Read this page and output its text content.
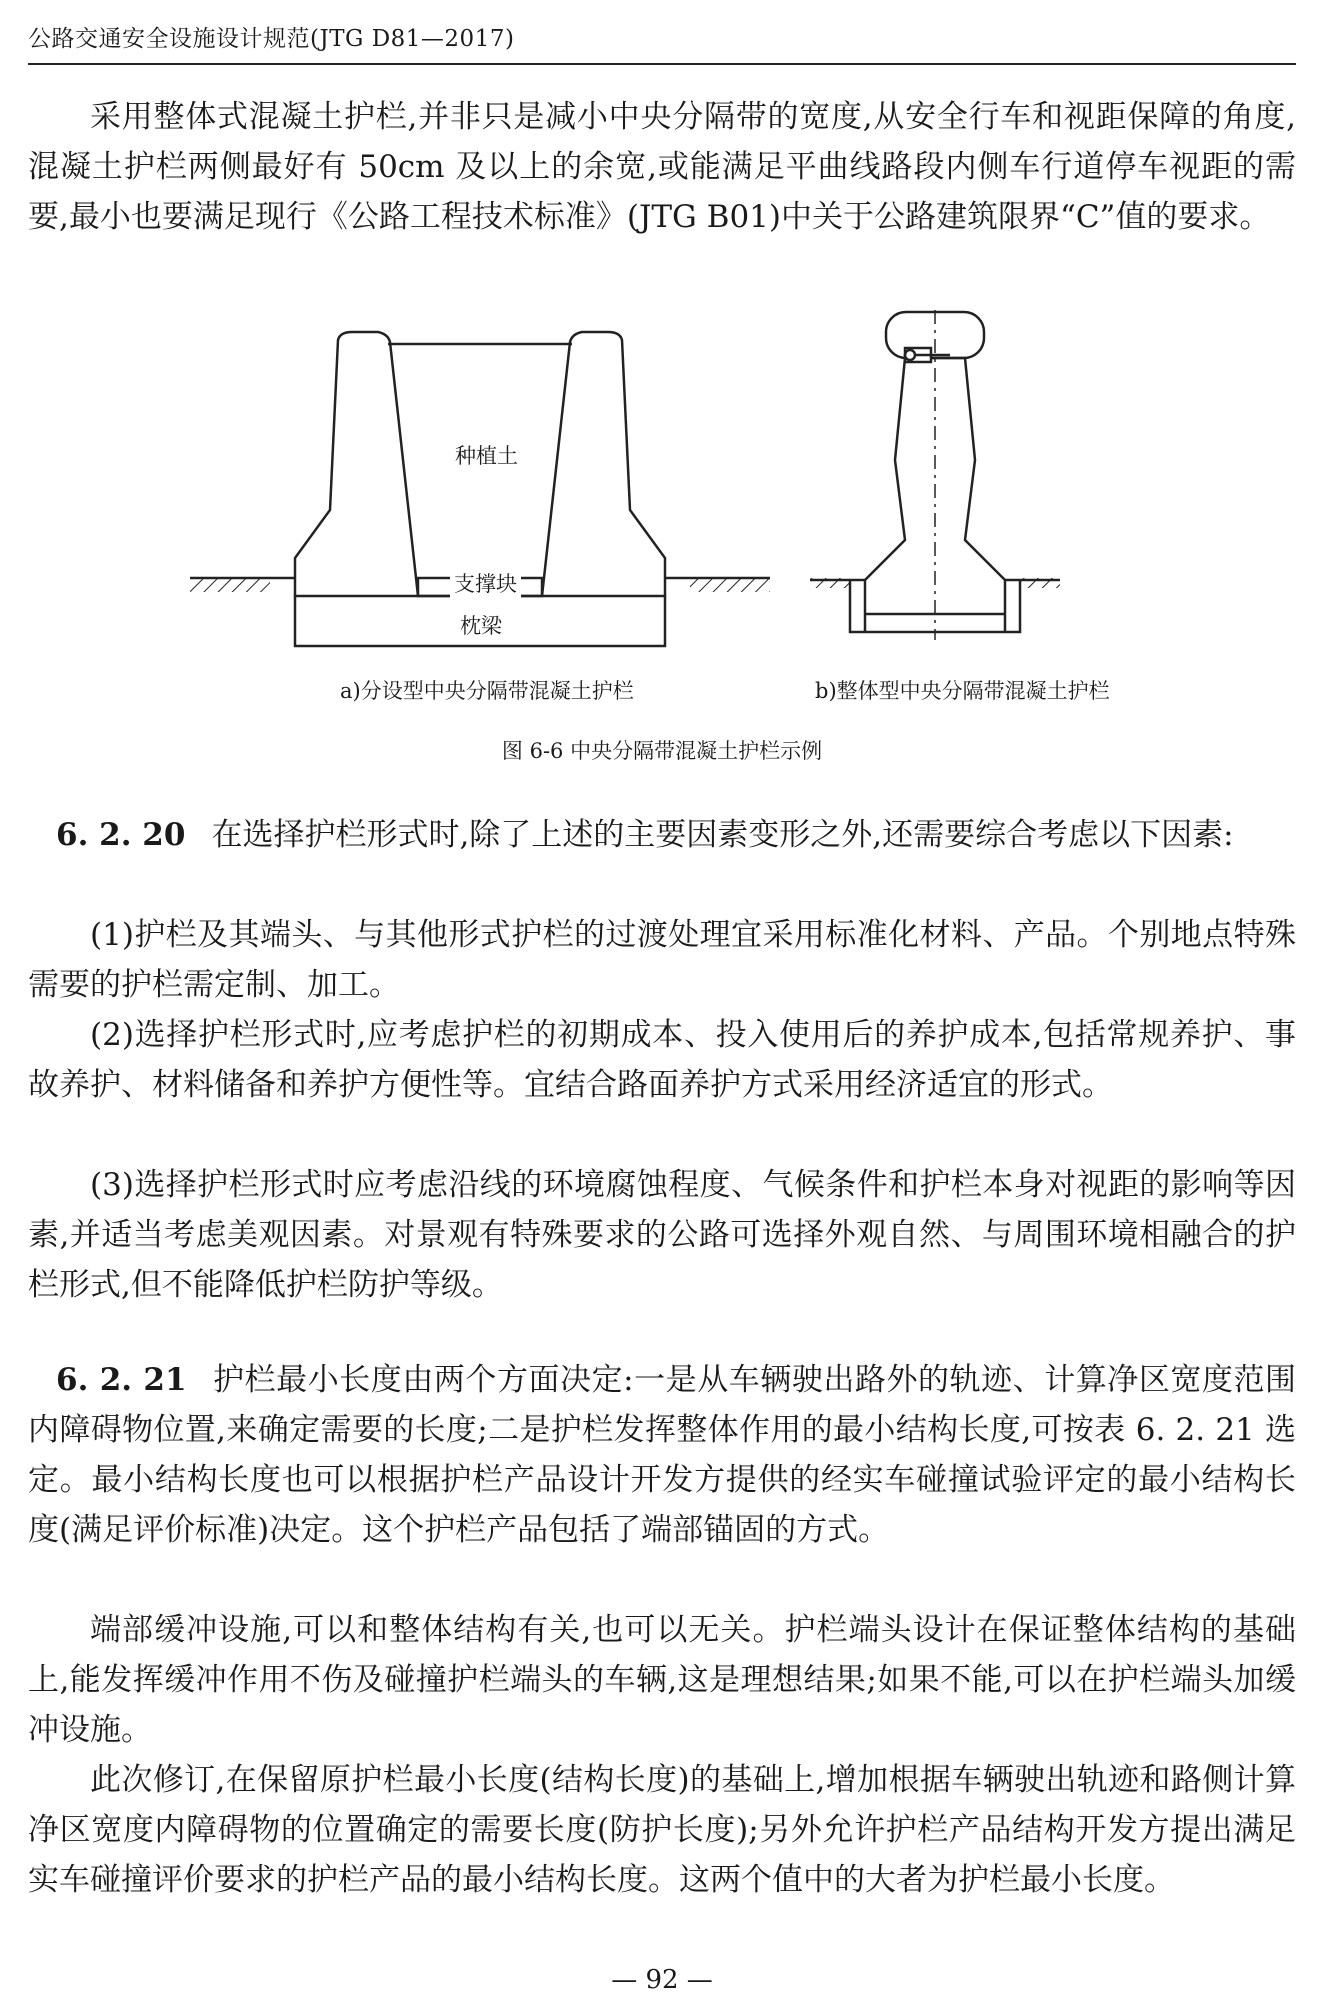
公路交通安全设施设计规范(JTG D81—2017)

采用整体式混凝土护栏,并非只是减小中央分隔带的宽度,从安全行车和视距保障的角度,混凝土护栏两侧最好有 50cm 及以上的余宽,或能满足平曲线路段内侧车行道停车视距的需要,最小也要满足现行《公路工程技术标准》(JTG B01)中关于公路建筑限界“C”值的要求。

种植土
支撑块
枕梁
a)分设型中央分隔带混凝土护栏	b)整体型中央分隔带混凝土护栏
图 6-6 中央分隔带混凝土护栏示例

6. 2. 20 在选择护栏形式时,除了上述的主要因素变形之外,还需要综合考虑以下因素:

(1)护栏及其端头、与其他形式护栏的过渡处理宜采用标准化材料、产品。个别地点特殊需要的护栏需定制、加工。

(2)选择护栏形式时,应考虑护栏的初期成本、投入使用后的养护成本,包括常规养护、事故养护、材料储备和养护方便性等。宜结合路面养护方式采用经济适宜的形式。

(3)选择护栏形式时应考虑沿线的环境腐蚀程度、气候条件和护栏本身对视距的影响等因素,并适当考虑美观因素。对景观有特殊要求的公路可选择外观自然、与周围环境相融合的护栏形式,但不能降低护栏防护等级。

6. 2. 21 护栏最小长度由两个方面决定:一是从车辆驶出路外的轨迹、计算净区宽度范围内障碍物位置,来确定需要的长度;二是护栏发挥整体作用的最小结构长度,可按表 6. 2. 21 选定。最小结构长度也可以根据护栏产品设计开发方提供的经实车碰撞试验评定的最小结构长度(满足评价标准)决定。这个护栏产品包括了端部锚固的方式。

端部缓冲设施,可以和整体结构有关,也可以无关。护栏端头设计在保证整体结构的基础上,能发挥缓冲作用不伤及碰撞护栏端头的车辆,这是理想结果;如果不能,可以在护栏端头加缓冲设施。

此次修订,在保留原护栏最小长度(结构长度)的基础上,增加根据车辆驶出轨迹和路侧计算净区宽度内障碍物的位置确定的需要长度(防护长度);另外允许护栏产品结构开发方提出满足实车碰撞评价要求的护栏产品的最小结构长度。这两个值中的大者为护栏最小长度。

— 92 —
